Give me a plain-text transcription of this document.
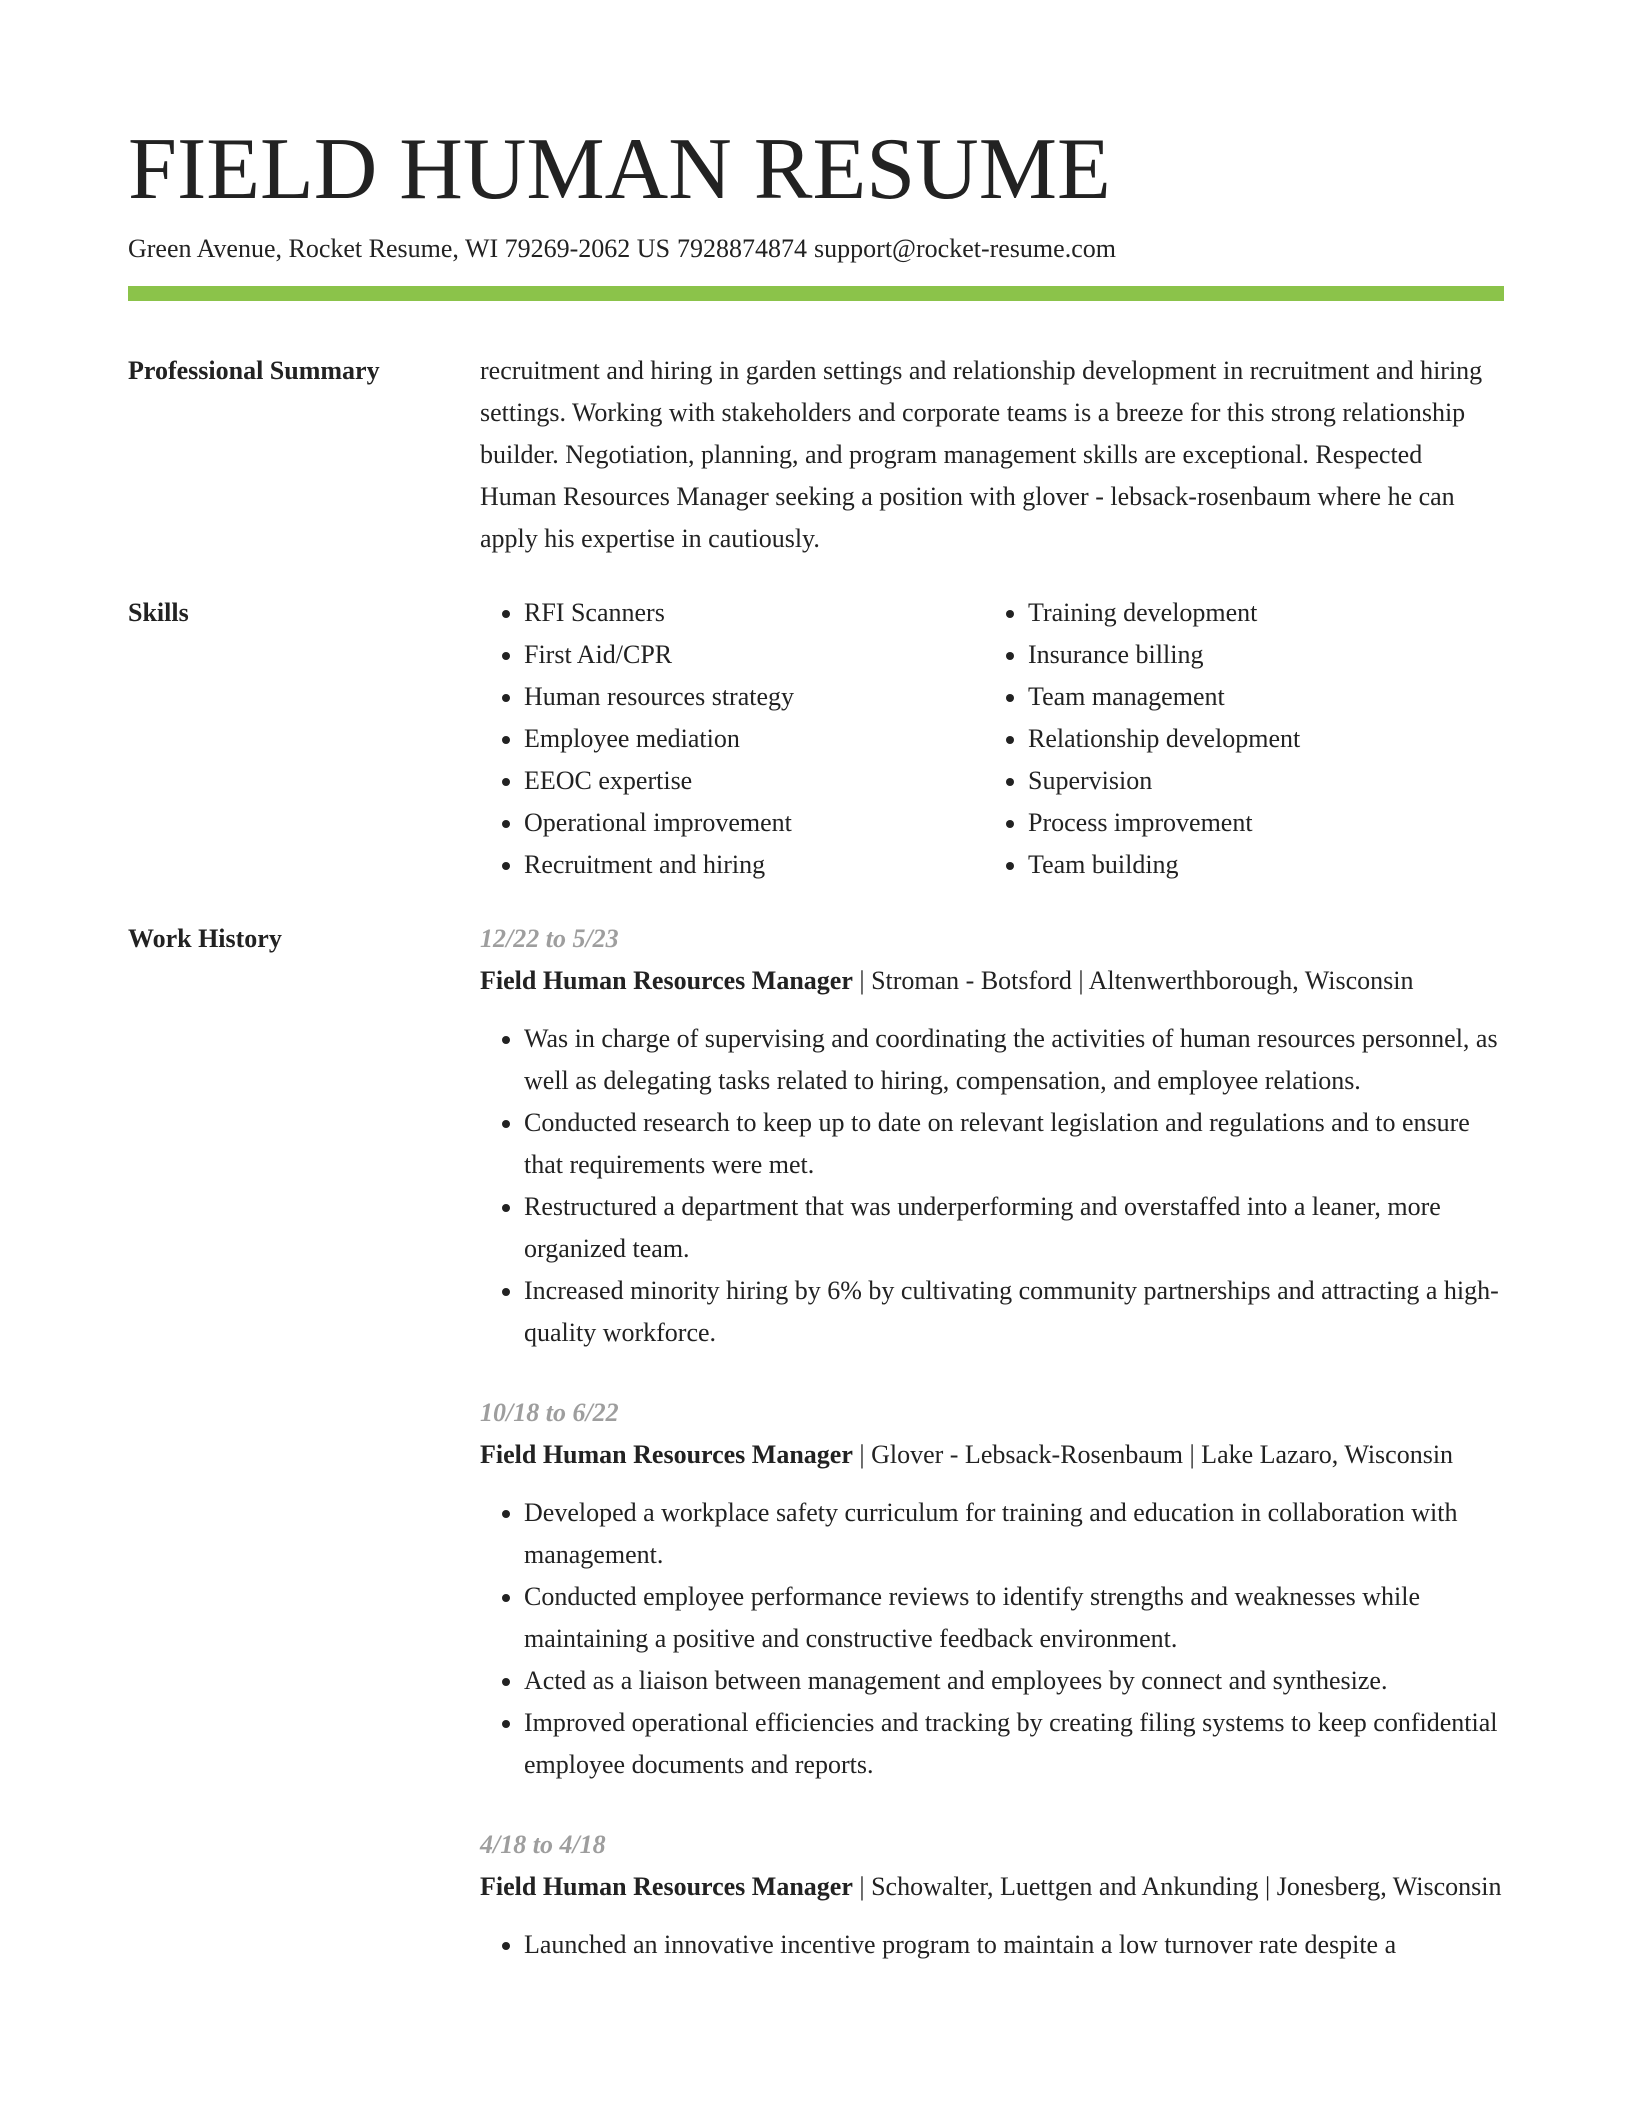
FIELD HUMAN RESUME
Green Avenue, Rocket Resume, WI 79269-2062 US 7928874874 support@rocket-resume.com
Professional Summary	recruitment and hiring in garden settings and relationship development in recruitment and hiring settings. Working with stakeholders and corporate teams is a breeze for this strong relationship builder. Negotiation, planning, and program management skills are exceptional. Respected Human Resources Manager seeking a position with glover - lebsack-rosenbaum where he can apply his expertise in cautiously.

Skills
•	RFI Scanners
• First Aid/CPR
• Human resources strategy
• Employee mediation
• EEOC expertise
• Operational improvement
• Recruitment and hiring
• Training development
• Insurance billing
• Team management
• Relationship development
• Supervision
• Process improvement
• Team building
Work History	12/22 to 5/23
Field Human Resources Manager | Stroman - Botsford | Altenwerthborough, Wisconsin
• Was in charge of supervising and coordinating the activities of human resources personnel, as well as delegating tasks related to hiring, compensation, and employee relations.
• Conducted research to keep up to date on relevant legislation and regulations and to ensure that requirements were met.
• Restructured a department that was underperforming and overstaffed into a leaner, more organized team.
• Increased minority hiring by 6% by cultivating community partnerships and attracting a high-quality workforce.
10/18 to 6/22
Field Human Resources Manager | Glover - Lebsack-Rosenbaum | Lake Lazaro, Wisconsin
• Developed a workplace safety curriculum for training and education in collaboration with management.
• Conducted employee performance reviews to identify strengths and weaknesses while maintaining a positive and constructive feedback environment.
• Acted as a liaison between management and employees by connect and synthesize.
• Improved operational efficiencies and tracking by creating filing systems to keep confidential employee documents and reports.
4/18 to 4/18
Field Human Resources Manager | Schowalter, Luettgen and Ankunding | Jonesberg, Wisconsin
• Launched an innovative incentive program to maintain a low turnover rate despite a
